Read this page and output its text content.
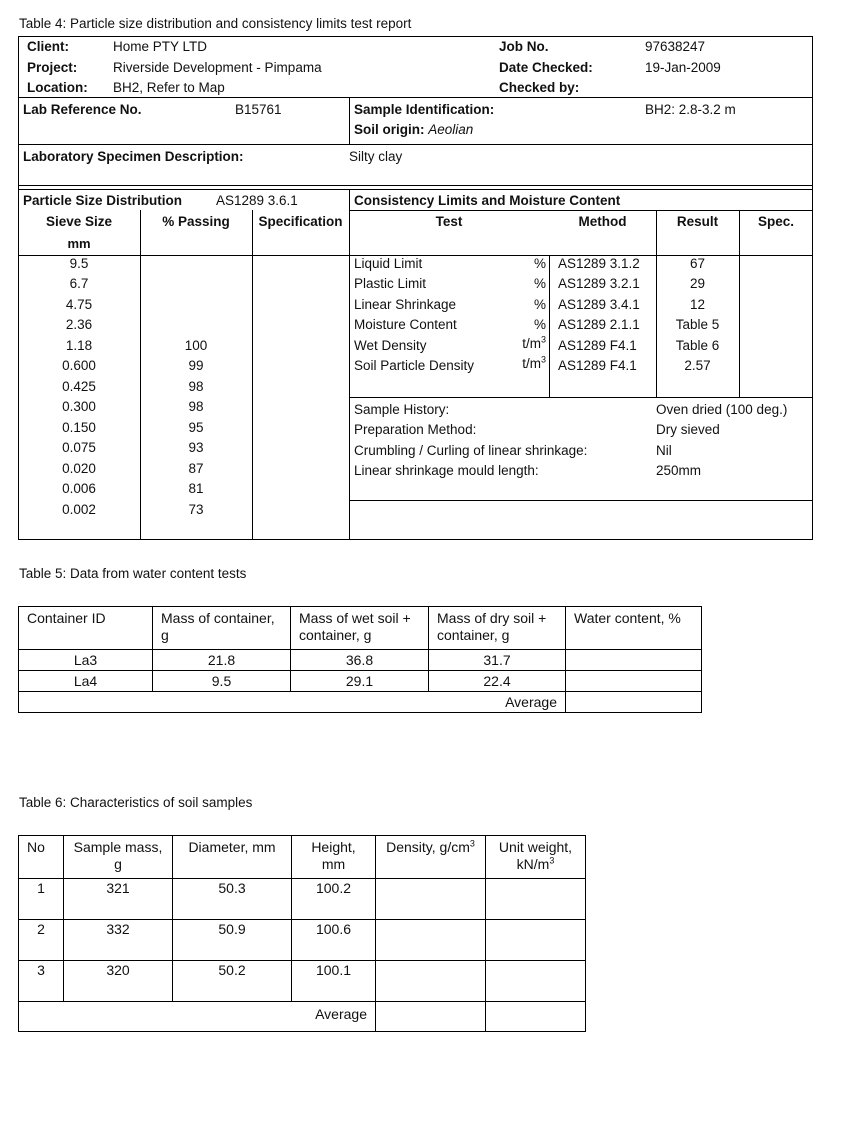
Table 4: Particle size distribution and consistency limits test report
Client:	Home PTY LTD
Project:	Riverside Development - Pimpama
Location: BH2, Refer to Map
Job No.	97638247
Date Checked:	19-Jan-2009
Checked by:
Lab Reference No.	B15761	Sample Identification:	BH2: 2.8-3.2 m
Soil origin: Aeolian
Laboratory Specimen Description:	Silty clay
Particle Size Distribution	AS1289 3.6.1
Sieve Size
mm
% Passing	Specification
9.5
6.7
4.75
2.36
1.18	100
0.600	99
0.425	98
0.300	98
0.150	95
0.075	93
0.020	87
0.006	81
0.002	73
Consistency Limits and Moisture Content
Test	Method	Result	Spec.
Liquid Limit	% AS1289 3.1.2	67
Plastic Limit	% AS1289 3.2.1	29
Linear Shrinkage	% AS1289 3.4.1	12
Moisture Content	% AS1289 2.1.1	Table 5
Wet Density	$t/m^3$ AS1289 F4.1	Table 6
Soil Particle Density	$t/m^3$ AS1289 F4.1	2.57
Sample History:	Oven dried (100 deg.)
Preparation Method:	Dry sieved
Crumbling / Curling of linear shrinkage:	Nil
Linear shrinkage mould length:	250mm
Table 5: Data from water content tests
Container ID	Mass of container, g	Mass of wet soil + container, g	Mass of dry soil + container, g	Water content, %
La3	21.8	36.8	31.7	
La4	9.5	29.1	22.4	
Average				
Table 6: Characteristics of soil samples
No	Sample mass, g	Diameter, mm	Height, mm	Density, $g/cm^3$	Unit weight, $kN/m^3$
1	321	50.3	100.2		
2	332	50.9	100.6		
3	320	50.2	100.1		
Average					
